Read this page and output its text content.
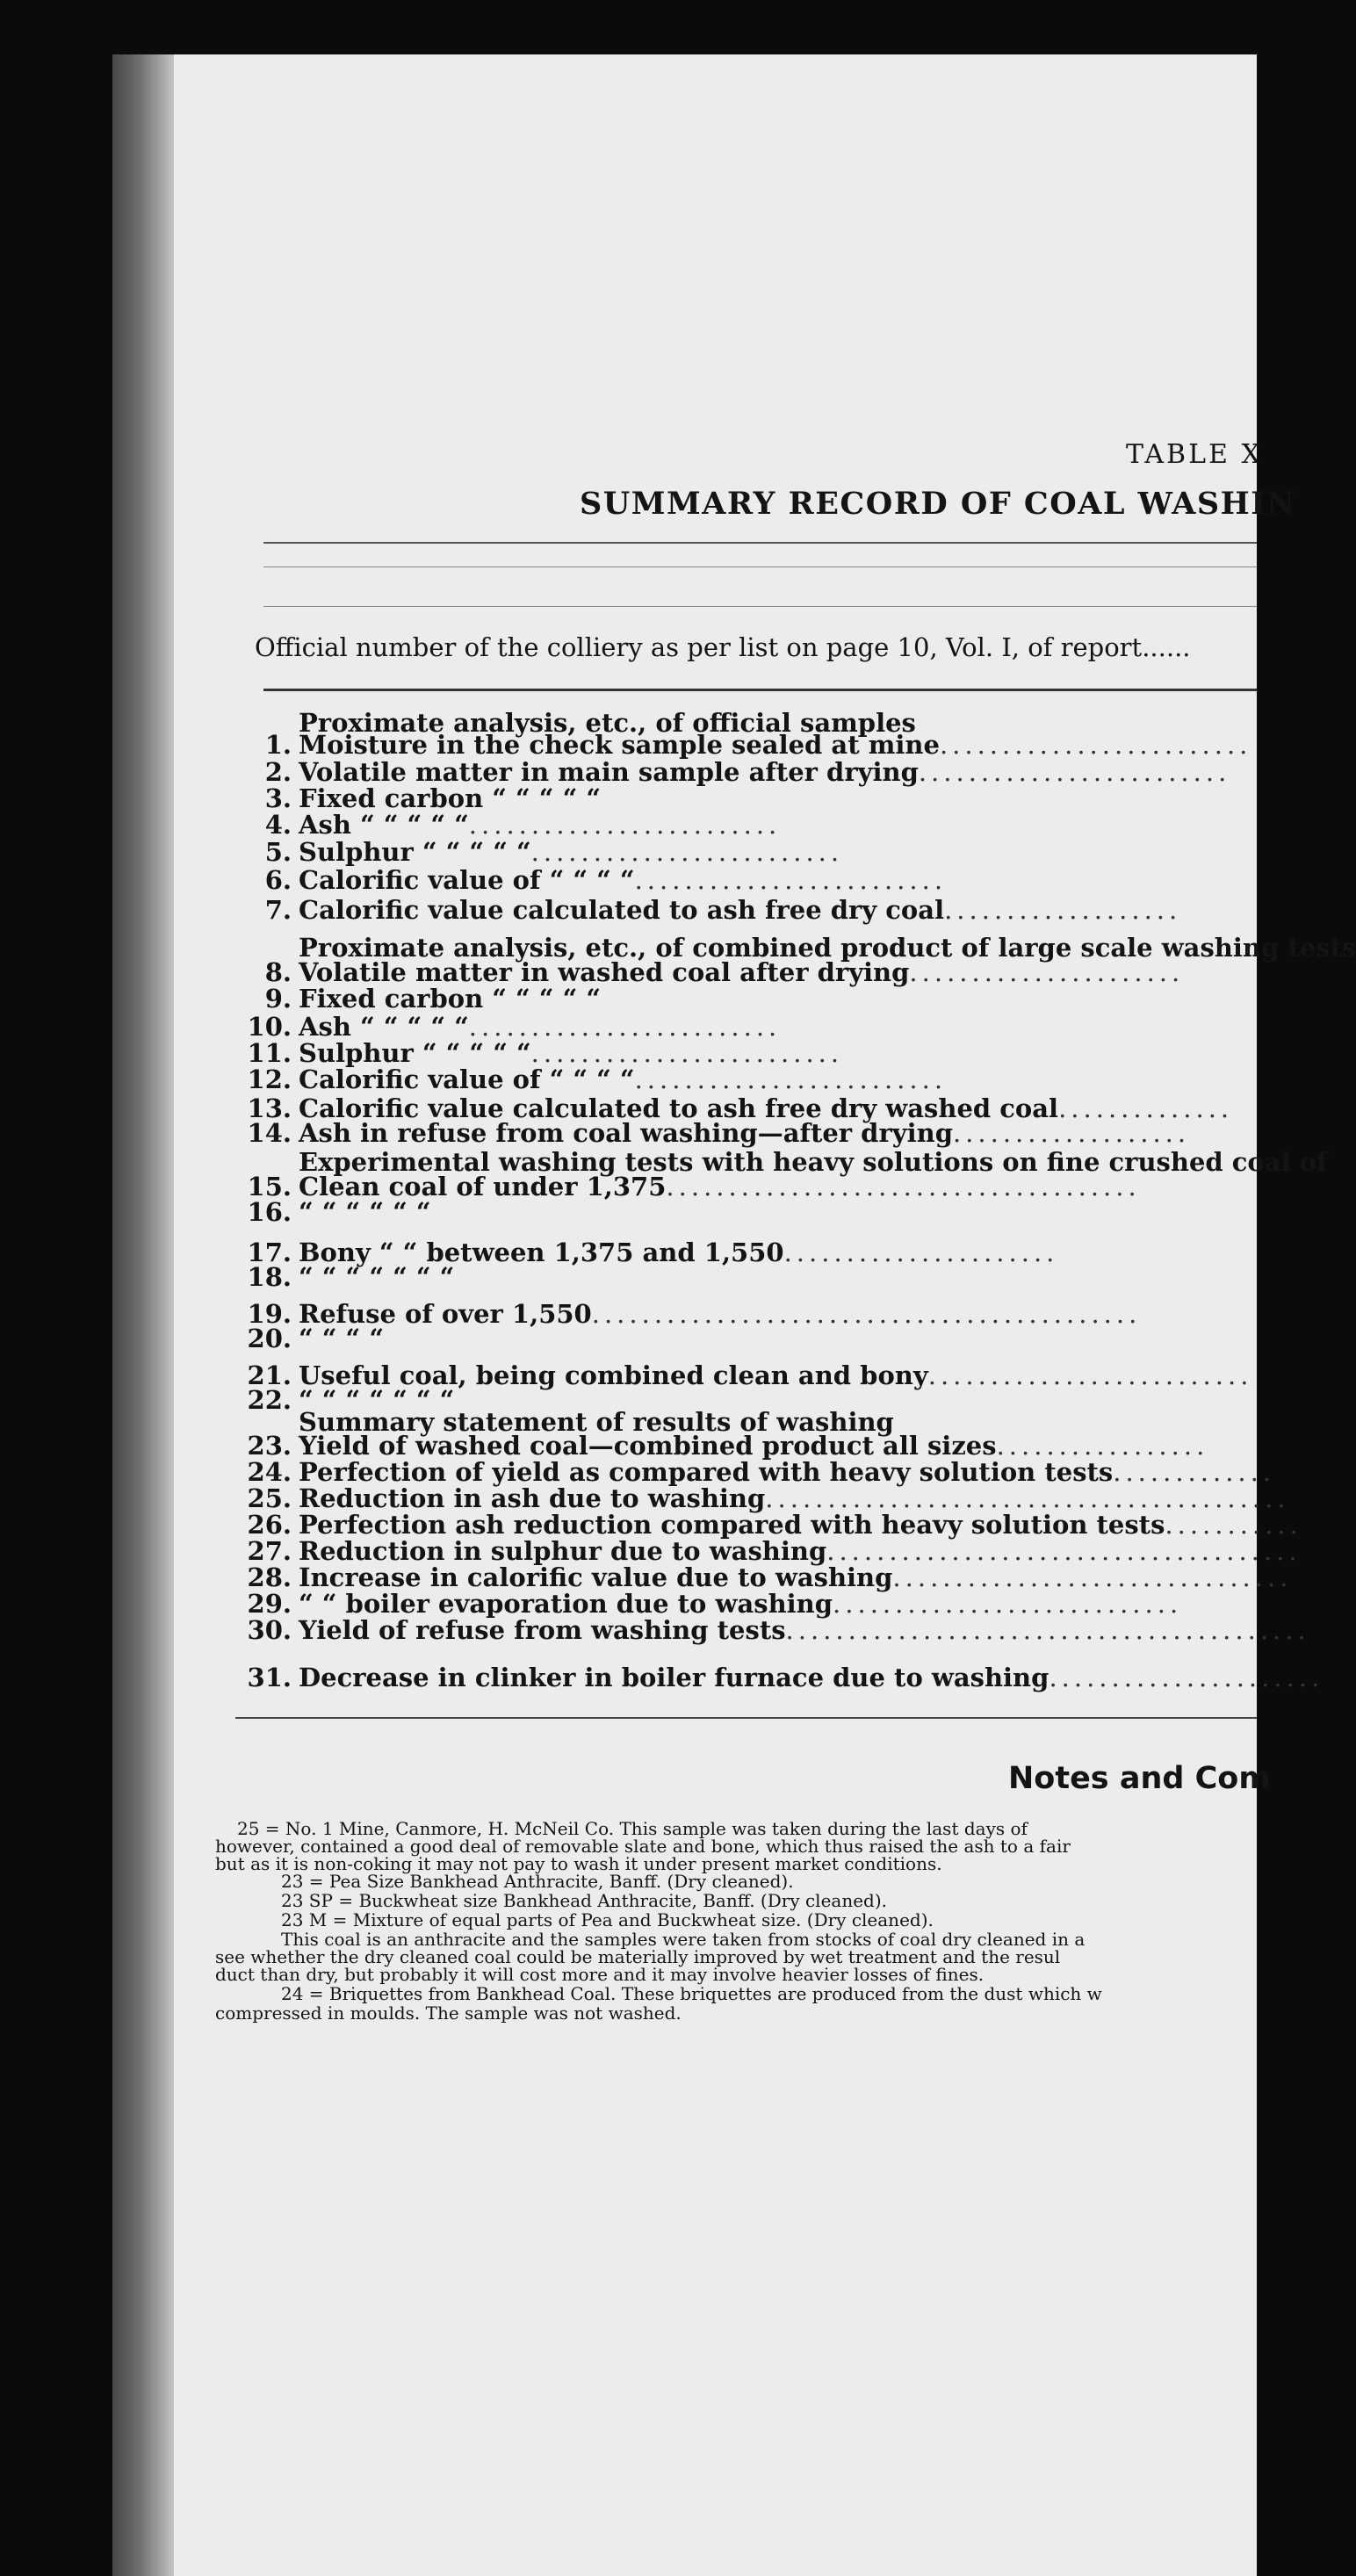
TABLE X
SUMMARY RECORD OF COAL WASHIN
Official number of the colliery as per list on page 10, Vol. I, of report......
Proximate analysis, etc., of official samples
Proximate analysis, etc., of combined product of large scale washing tests
Experimental washing tests with heavy solutions on fine crushed coal of
Summary statement of results of washing
1. Moisture in the check sample sealed at mine .........................
2. Volatile matter in main sample after drying .........................
3. Fixed carbon “ “ “ “ “
4. Ash “ “ “ “ “ .........................
5. Sulphur “ “ “ “ “ .........................
6. Calorific value of “ “ “ “ .........................
7. Calorific value calculated to ash free dry coal ...................
8. Volatile matter in washed coal after drying ......................
9. Fixed carbon “ “ “ “ “
10. Ash “ “ “ “ “ .........................
11. Sulphur “ “ “ “ “ .........................
12. Calorific value of “ “ “ “ .........................
13. Calorific value calculated to ash free dry washed coal ..............
14. Ash in refuse from coal washing—after drying ...................
15. Clean coal of under 1,375 ......................................
16. “ “ “ “ “ “
17. Bony “ “ between 1,375 and 1,550 ......................
18. “ “ “ “ “ “ “
19. Refuse of over 1,550 ............................................
20. “ “ “ “
21. Useful coal, being combined clean and bony ..........................
22. “ “ “ “ “ “ “
23. Yield of washed coal—combined product all sizes .................
24. Perfection of yield as compared with heavy solution tests .............
25. Reduction in ash due to washing ..........................................
26. Perfection ash reduction compared with heavy solution tests ...........
27. Reduction in sulphur due to washing ......................................
28. Increase in calorific value due to washing ................................
29. “ “ boiler evaporation due to washing ............................
30. Yield of refuse from washing tests ..........................................
31. Decrease in clinker in boiler furnace due to washing ......................
Notes and Com
25 = No. 1 Mine, Canmore, H. McNeil Co. This sample was taken during the last days of
however, contained a good deal of removable slate and bone, which thus raised the ash to a fair
but as it is non-coking it may not pay to wash it under present market conditions.
23 = Pea Size Bankhead Anthracite, Banff. (Dry cleaned).
23 SP = Buckwheat size Bankhead Anthracite, Banff. (Dry cleaned).
23 M = Mixture of equal parts of Pea and Buckwheat size. (Dry cleaned).
This coal is an anthracite and the samples were taken from stocks of coal dry cleaned in a
see whether the dry cleaned coal could be materially improved by wet treatment and the resul
duct than dry, but probably it will cost more and it may involve heavier losses of fines.
24 = Briquettes from Bankhead Coal. These briquettes are produced from the dust which w
compressed in moulds. The sample was not washed.
